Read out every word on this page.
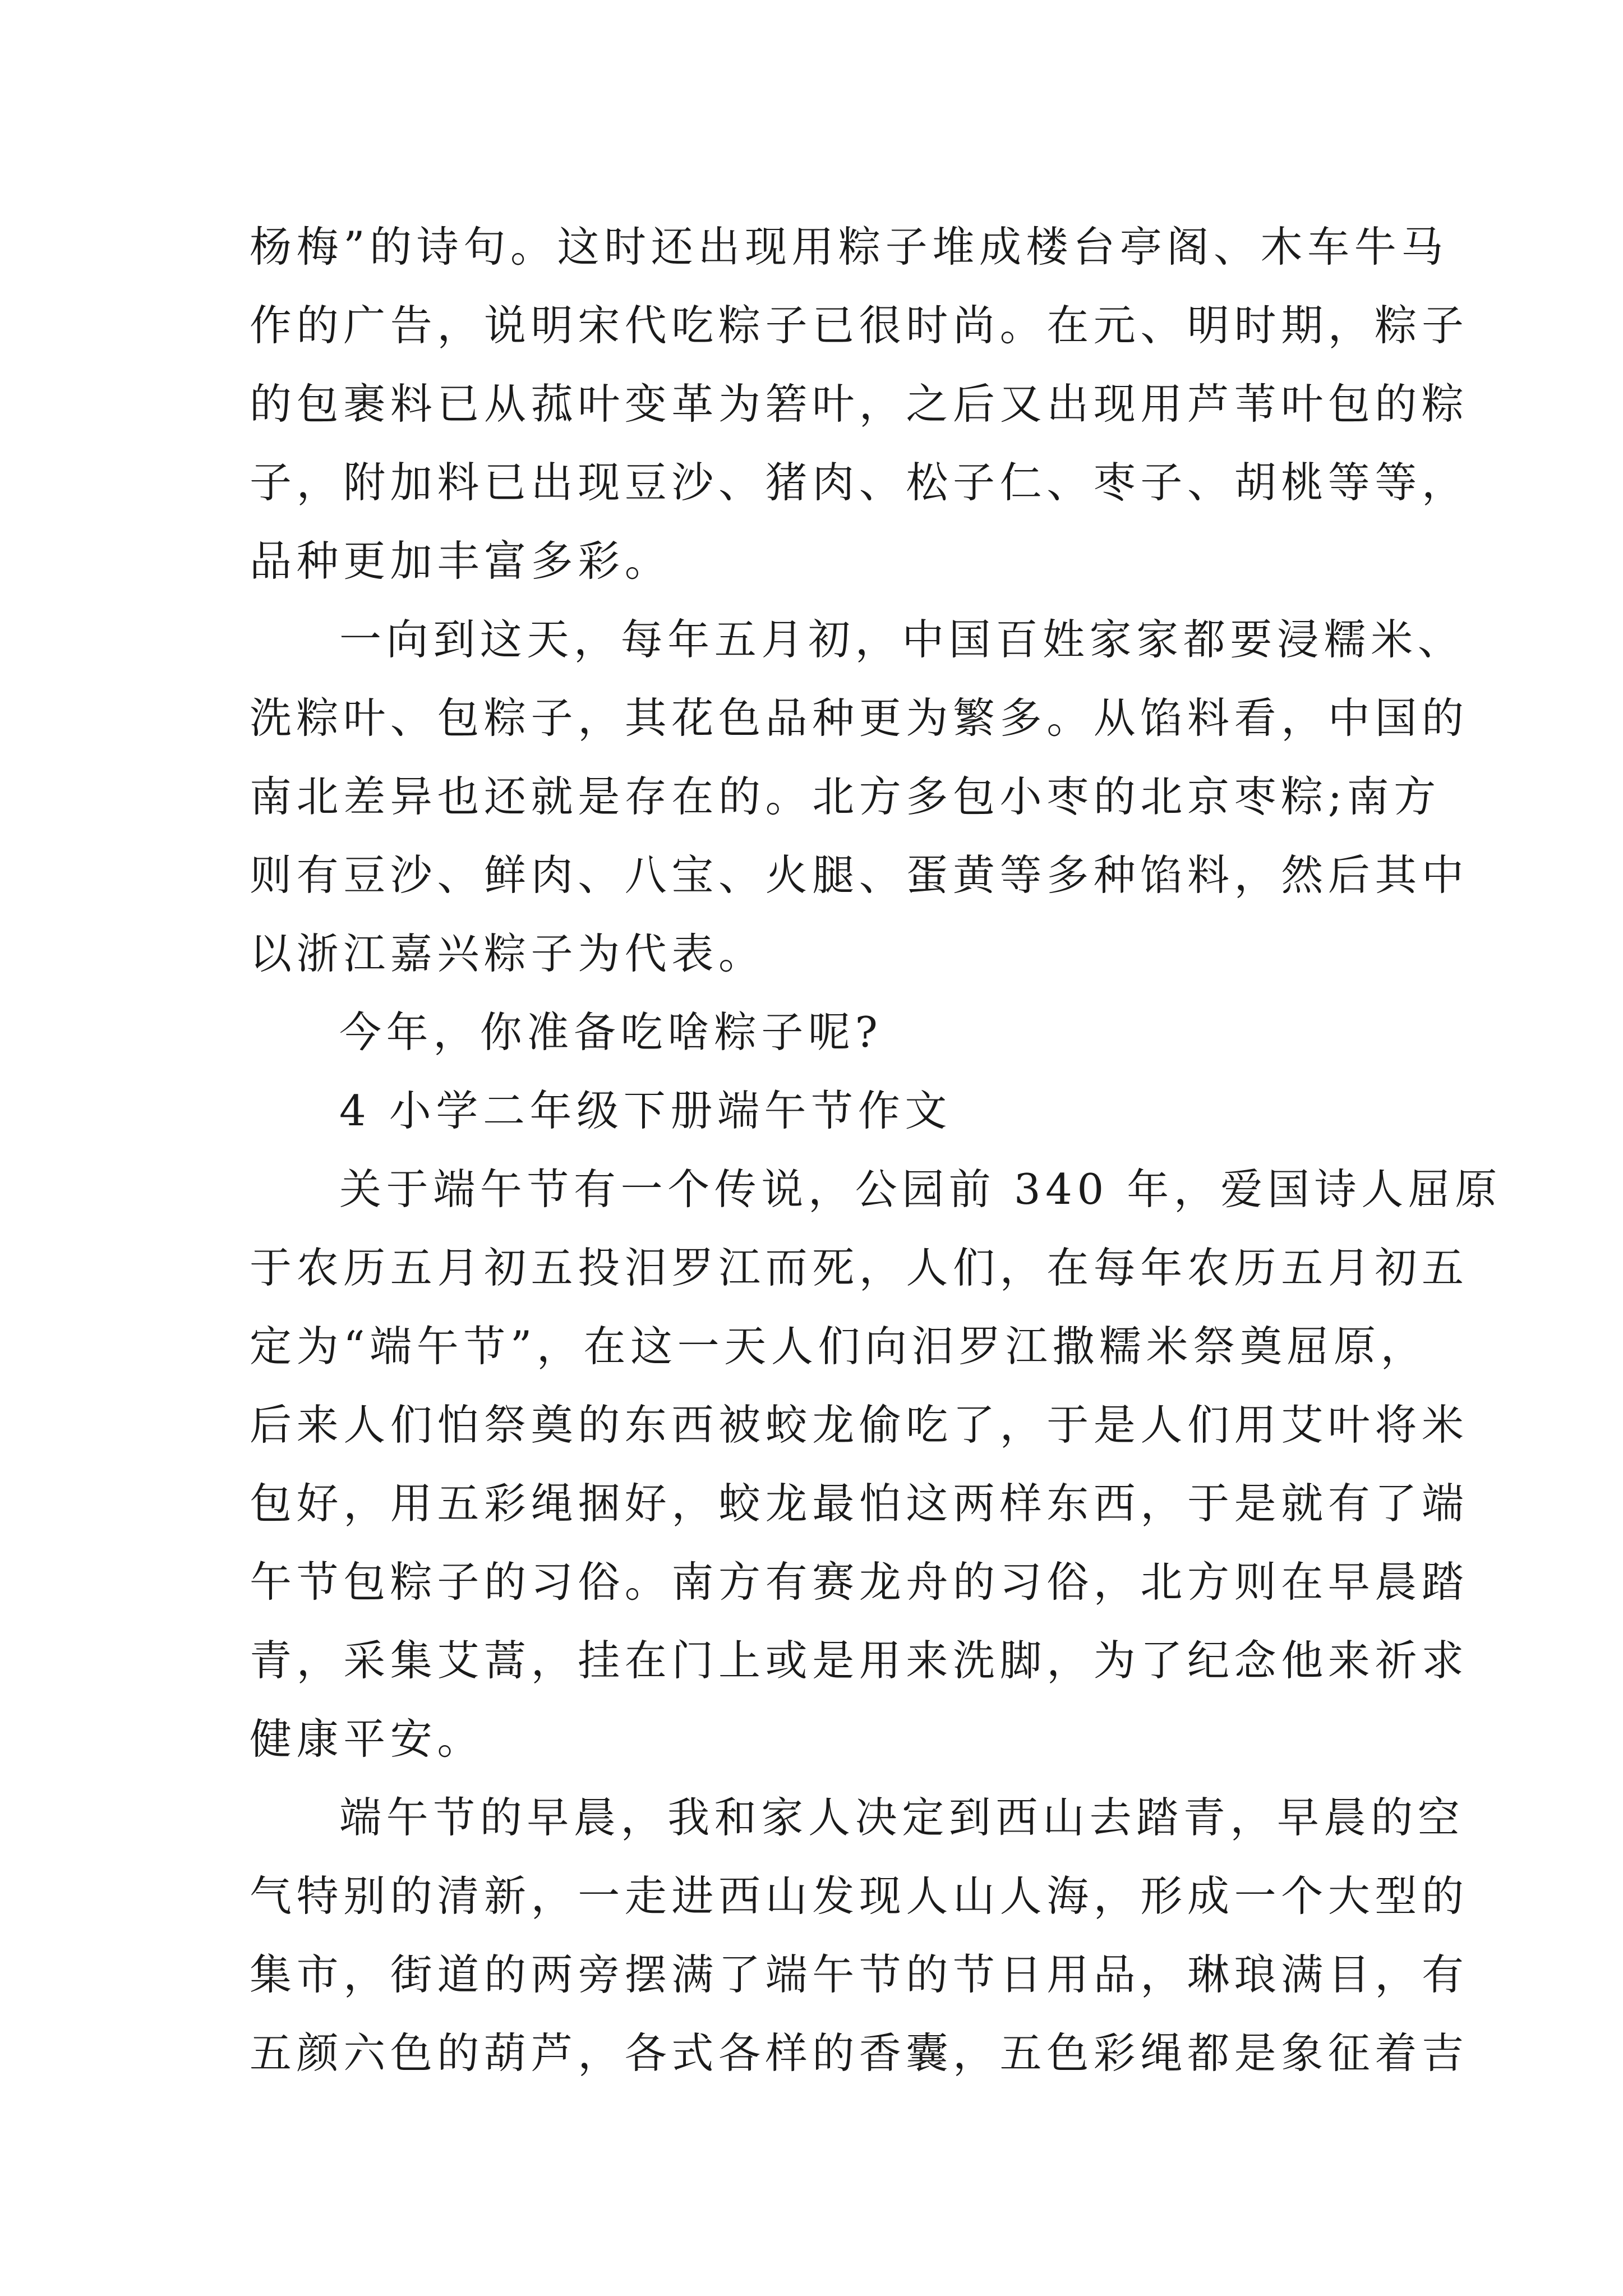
杨梅”的诗句。这时还出现用粽子堆成楼台亭阁、木车牛马

作的广告，说明宋代吃粽子已很时尚。在元、明时期，粽子

的包裹料已从菰叶变革为箬叶，之后又出现用芦苇叶包的粽

子，附加料已出现豆沙、猪肉、松子仁、枣子、胡桃等等，

品种更加丰富多彩。

一向到这天，每年五月初，中国百姓家家都要浸糯米、

洗粽叶、包粽子，其花色品种更为繁多。从馅料看，中国的

南北差异也还就是存在的。北方多包小枣的北京枣粽;南方

则有豆沙、鲜肉、八宝、火腿、蛋黄等多种馅料，然后其中

以浙江嘉兴粽子为代表。

今年，你准备吃啥粽子呢?

4 小学二年级下册端午节作文

关于端午节有一个传说，公园前 340 年，爱国诗人屈原

于农历五月初五投汨罗江而死，人们，在每年农历五月初五

定为“端午节”，在这一天人们向汨罗江撒糯米祭奠屈原，

后来人们怕祭奠的东西被蛟龙偷吃了，于是人们用艾叶将米

包好，用五彩绳捆好，蛟龙最怕这两样东西，于是就有了端

午节包粽子的习俗。南方有赛龙舟的习俗，北方则在早晨踏

青，采集艾蒿，挂在门上或是用来洗脚，为了纪念他来祈求

健康平安。

端午节的早晨，我和家人决定到西山去踏青，早晨的空

气特别的清新，一走进西山发现人山人海，形成一个大型的

集市，街道的两旁摆满了端午节的节日用品，琳琅满目，有

五颜六色的葫芦，各式各样的香囊，五色彩绳都是象征着吉
